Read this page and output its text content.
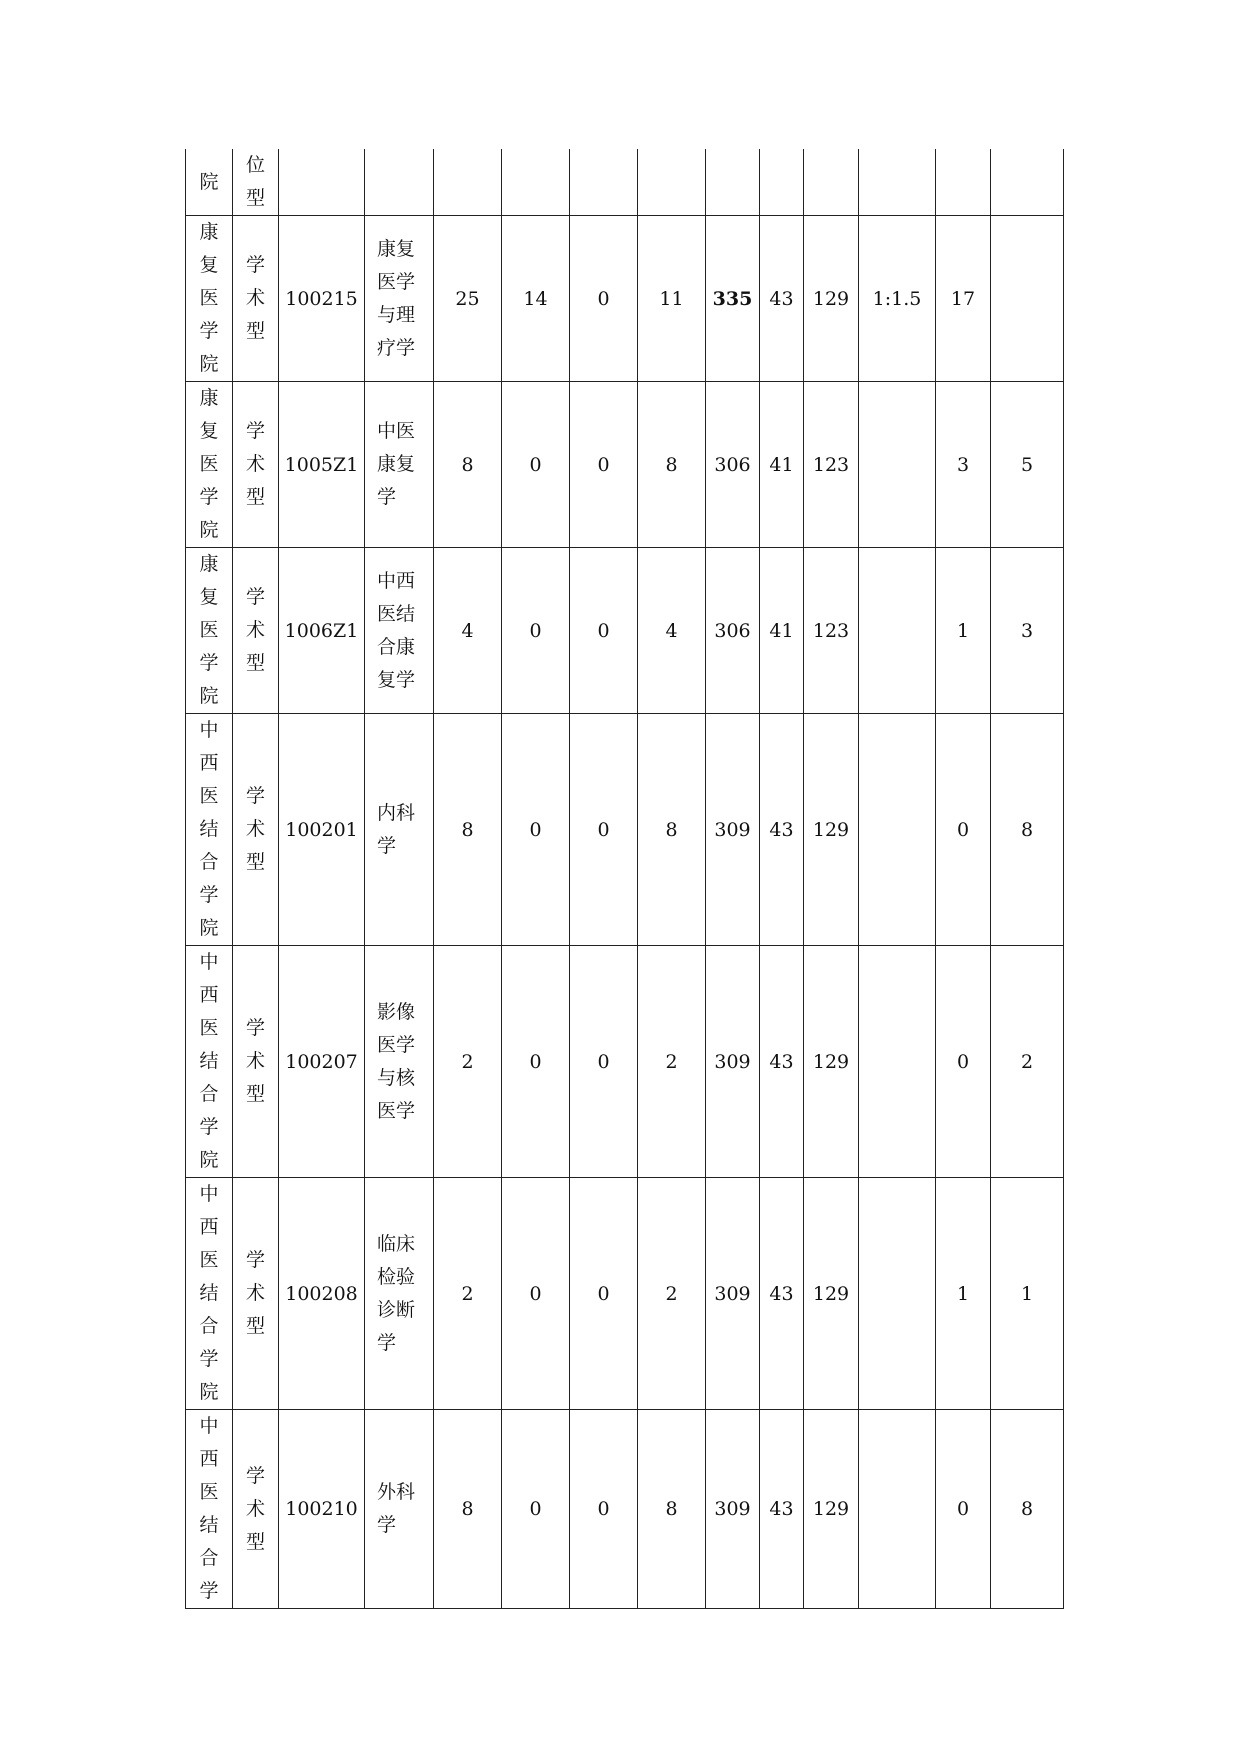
院	位型												
康复医学院	学术型	100215	康复医学与理疗学	25	14	0	11	335	43	129	1:1.5	17	
康复医学院	学术型	1005Z1	中医康复学	8	0	0	8	306	41	123		3	5
康复医学院	学术型	1006Z1	中西医结合康复学	4	0	0	4	306	41	123		1	3
中西医结合学院	学术型	100201	内科学	8	0	0	8	309	43	129		0	8
中西医结合学院	学术型	100207	影像医学与核医学	2	0	0	2	309	43	129		0	2
中西医结合学院	学术型	100208	临床检验诊断学	2	0	0	2	309	43	129		1	1
中西医结合学	学术型	100210	外科学	8	0	0	8	309	43	129		0	8
